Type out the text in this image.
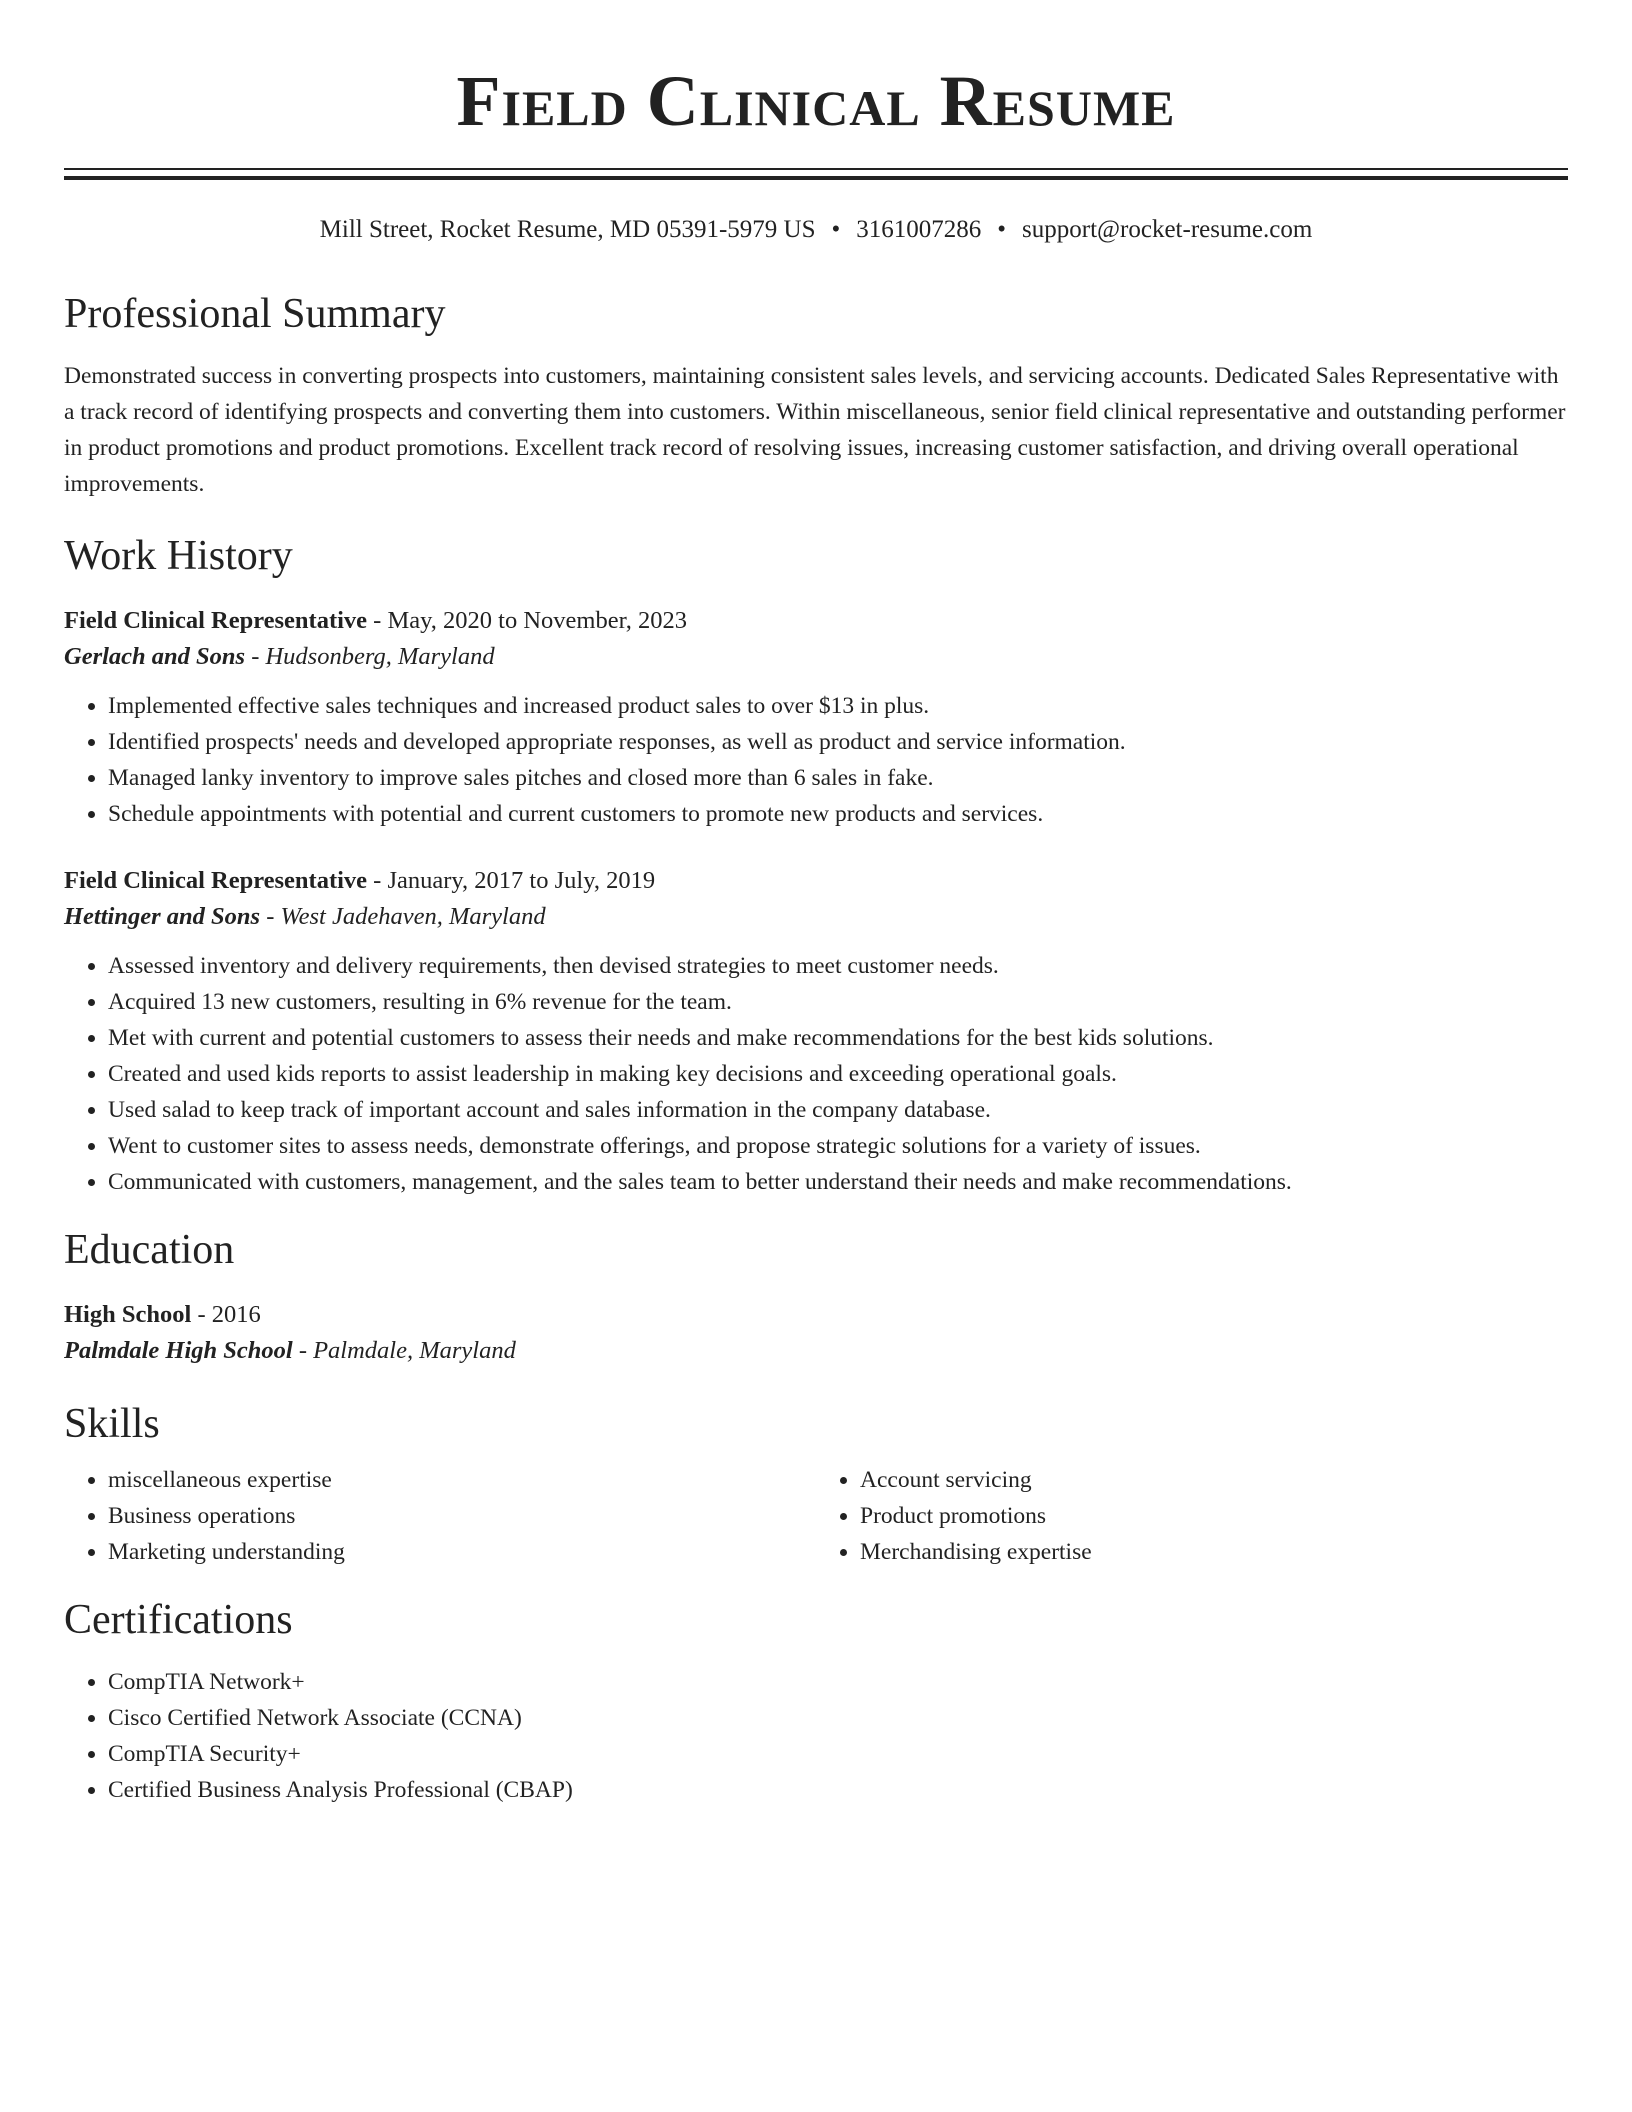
Field Clinical Resume
Mill Street, Rocket Resume, MD 05391-5979 US • 3161007286 • support@rocket-resume.com
Professional Summary
Demonstrated success in converting prospects into customers, maintaining consistent sales levels, and servicing accounts. Dedicated Sales Representative with a track record of identifying prospects and converting them into customers. Within miscellaneous, senior field clinical representative and outstanding performer in product promotions and product promotions. Excellent track record of resolving issues, increasing customer satisfaction, and driving overall operational improvements.
Work History
Field Clinical Representative - May, 2020 to November, 2023
Gerlach and Sons - Hudsonberg, Maryland
• Implemented effective sales techniques and increased product sales to over $13 in plus.
• Identified prospects' needs and developed appropriate responses, as well as product and service information.
• Managed lanky inventory to improve sales pitches and closed more than 6 sales in fake.
• Schedule appointments with potential and current customers to promote new products and services.
Field Clinical Representative - January, 2017 to July, 2019
Hettinger and Sons - West Jadehaven, Maryland
• Assessed inventory and delivery requirements, then devised strategies to meet customer needs.
• Acquired 13 new customers, resulting in 6% revenue for the team.
• Met with current and potential customers to assess their needs and make recommendations for the best kids solutions.
• Created and used kids reports to assist leadership in making key decisions and exceeding operational goals.
• Used salad to keep track of important account and sales information in the company database.
• Went to customer sites to assess needs, demonstrate offerings, and propose strategic solutions for a variety of issues.
• Communicated with customers, management, and the sales team to better understand their needs and make recommendations.
Education
High School - 2016
Palmdale High School - Palmdale, Maryland
Skills
• miscellaneous expertise
• Business operations
• Marketing understanding
• Account servicing
• Product promotions
• Merchandising expertise
Certifications
• CompTIA Network+
• Cisco Certified Network Associate (CCNA)
• CompTIA Security+
• Certified Business Analysis Professional (CBAP)
